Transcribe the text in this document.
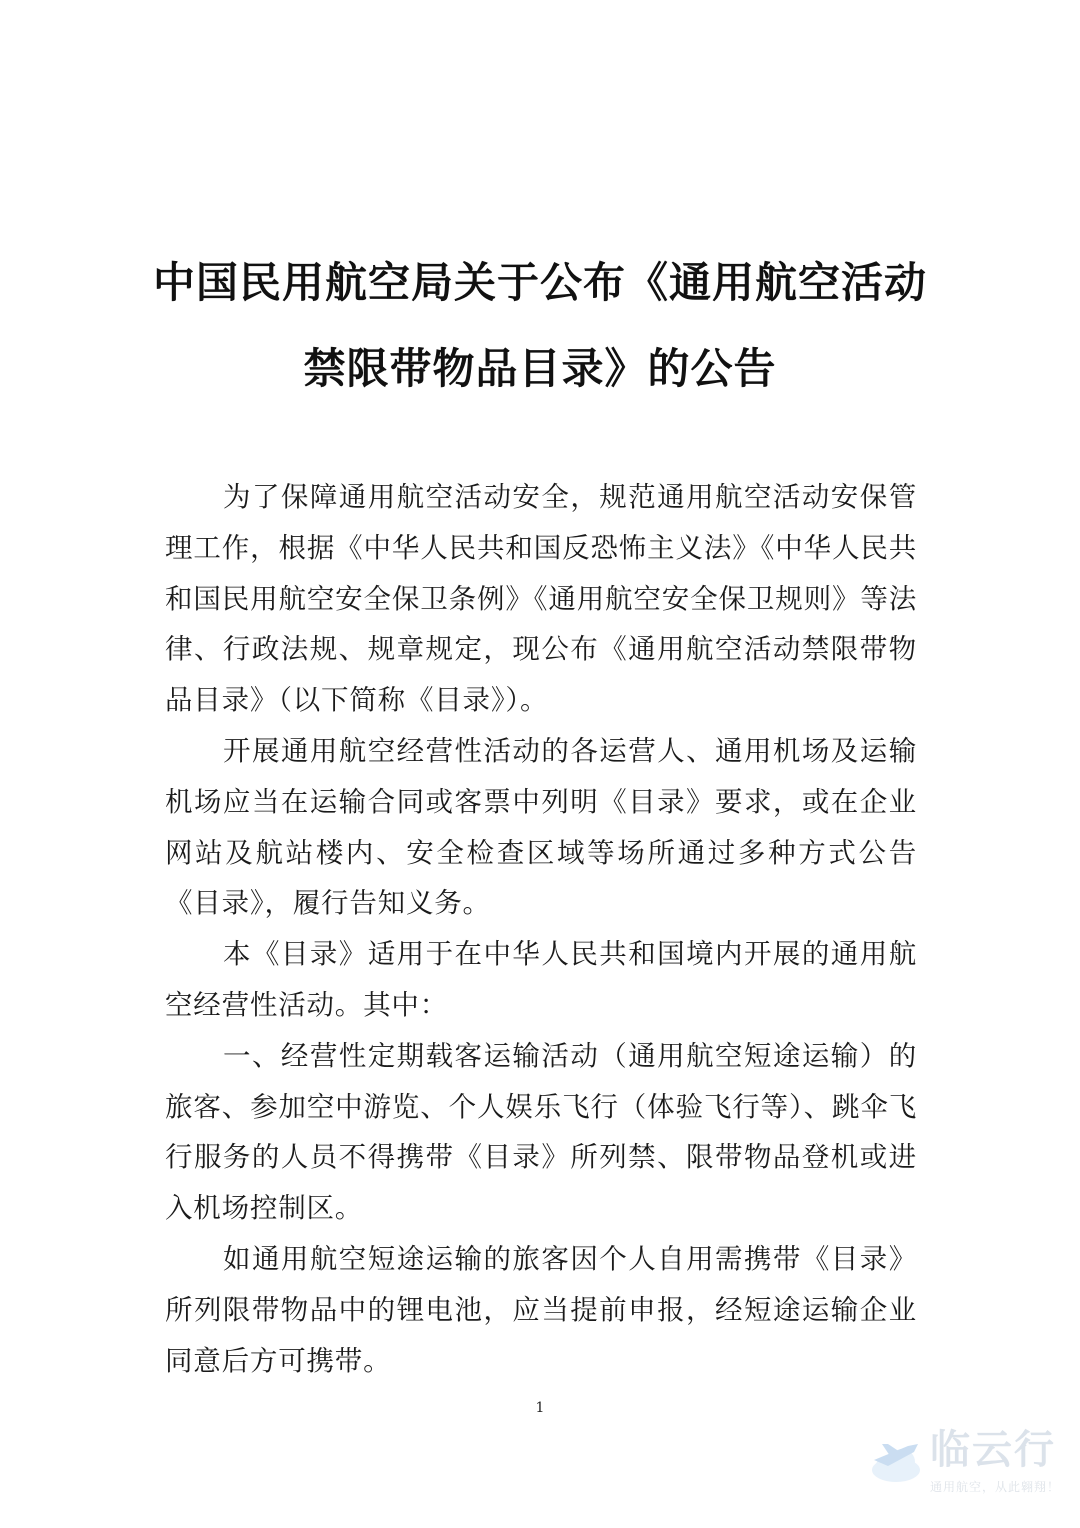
中国民用航空局关于公布《通用航空活动
禁限带物品目录》的公告

为了保障通用航空活动安全，规范通用航空活动安保管理工作，根据《中华人民共和国反恐怖主义法》《中华人民共和国民用航空安全保卫条例》《通用航空安全保卫规则》等法律、行政法规、规章规定，现公布《通用航空活动禁限带物品目录》（以下简称《目录》）。

开展通用航空经营性活动的各运营人、通用机场及运输机场应当在运输合同或客票中列明《目录》要求，或在企业网站及航站楼内、安全检查区域等场所通过多种方式公告《目录》，履行告知义务。

本《目录》适用于在中华人民共和国境内开展的通用航空经营性活动。其中：

一、经营性定期载客运输活动（通用航空短途运输）的旅客、参加空中游览、个人娱乐飞行（体验飞行等）、跳伞飞行服务的人员不得携带《目录》所列禁、限带物品登机或进入机场控制区。

如通用航空短途运输的旅客因个人自用需携带《目录》所列限带物品中的锂电池，应当提前申报，经短途运输企业同意后方可携带。

1
临云行
通用航空，从此翱翔！
